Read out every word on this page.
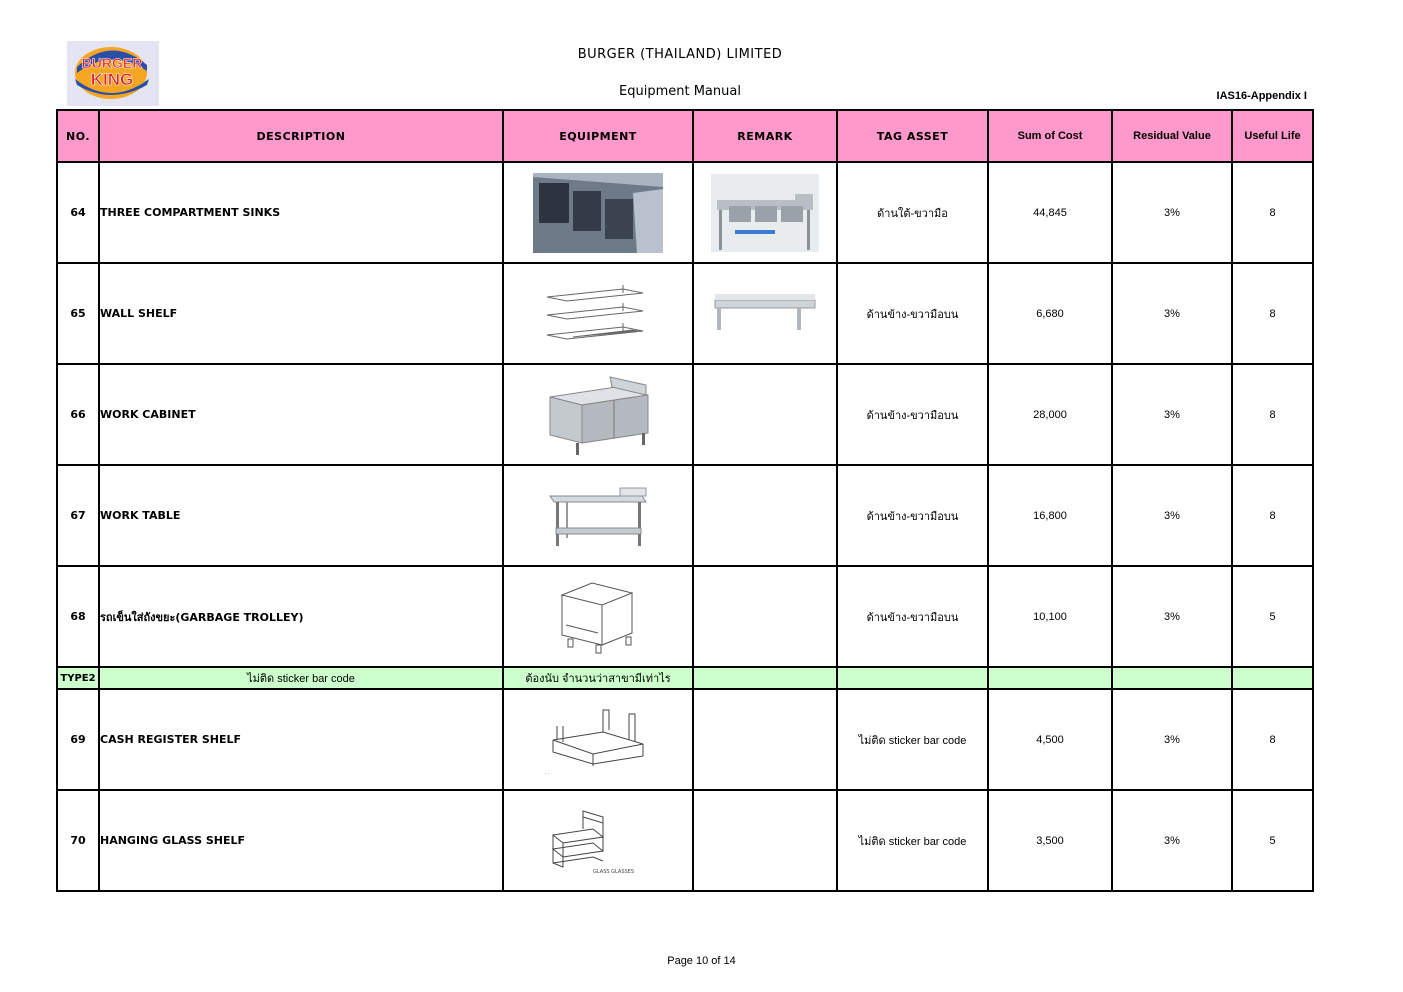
BURGER
KING
BURGER (THAILAND) LIMITED
Equipment Manual	IAS16-Appendix I
NO.	DESCRIPTION	EQUIPMENT	REMARK	TAG ASSET	Sum of Cost	Residual Value	Useful Life
64	THREE COMPARTMENT SINKS			ด้านใต้-ขวามือ	44,845	3%	8
65	WALL SHELF			ด้านข้าง-ขวามือบน	6,680	3%	8
66	WORK CABINET			ด้านข้าง-ขวามือบน	28,000	3%	8
67	WORK TABLE			ด้านข้าง-ขวามือบน	16,800	3%	8
68	รถเข็นใส่ถังขยะ(GARBAGE TROLLEY)			ด้านข้าง-ขวามือบน	10,100	3%	5
TYPE2	ไม่ติด sticker bar code	ต้องนับ จำนวนว่าสาขามีเท่าไร					
69	CASH REGISTER SHELF	. .		ไม่ติด sticker bar code	4,500	3%	8
70	HANGING GLASS SHELF	GLASS GLASSES		ไม่ติด sticker bar code	3,500	3%	5
Page 10 of 14
